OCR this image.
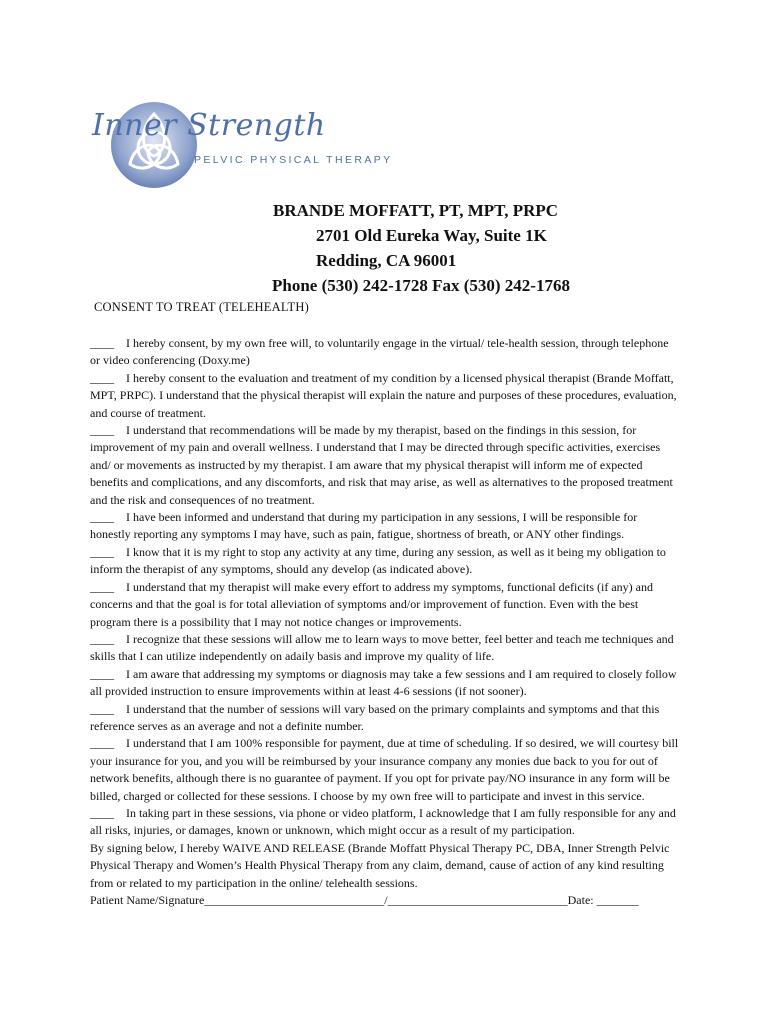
Inner Strength
PELVIC PHYSICAL THERAPY
BRANDE MOFFATT, PT, MPT, PRPC
2701 Old Eureka Way, Suite 1K
Redding, CA 96001
Phone (530) 242-1728 Fax (530) 242-1768
CONSENT TO TREAT (TELEHEALTH)

____ I hereby consent, by my own free will, to voluntarily engage in the virtual/ tele-health session, through telephone or video conferencing (Doxy.me)

____ I hereby consent to the evaluation and treatment of my condition by a licensed physical therapist (Brande Moffatt, MPT, PRPC). I understand that the physical therapist will explain the nature and purposes of these procedures, evaluation, and course of treatment.

____ I understand that recommendations will be made by my therapist, based on the findings in this session, for improvement of my pain and overall wellness. I understand that I may be directed through specific activities, exercises and/ or movements as instructed by my therapist. I am aware that my physical therapist will inform me of expected benefits and complications, and any discomforts, and risk that may arise, as well as alternatives to the proposed treatment and the risk and consequences of no treatment.

____ I have been informed and understand that during my participation in any sessions, I will be responsible for honestly reporting any symptoms I may have, such as pain, fatigue, shortness of breath, or ANY other findings.

____ I know that it is my right to stop any activity at any time, during any session, as well as it being my obligation to inform the therapist of any symptoms, should any develop (as indicated above).

____ I understand that my therapist will make every effort to address my symptoms, functional deficits (if any) and concerns and that the goal is for total alleviation of symptoms and/or improvement of function. Even with the best program there is a possibility that I may not notice changes or improvements.

____ I recognize that these sessions will allow me to learn ways to move better, feel better and teach me techniques and skills that I can utilize independently on adaily basis and improve my quality of life.

____ I am aware that addressing my symptoms or diagnosis may take a few sessions and I am required to closely follow all provided instruction to ensure improvements within at least 4-6 sessions (if not sooner).

____ I understand that the number of sessions will vary based on the primary complaints and symptoms and that this reference serves as an average and not a definite number.

____ I understand that I am 100% responsible for payment, due at time of scheduling. If so desired, we will courtesy bill your insurance for you, and you will be reimbursed by your insurance company any monies due back to you for out of network benefits, although there is no guarantee of payment. If you opt for private pay/NO insurance in any form will be billed, charged or collected for these sessions. I choose by my own free will to participate and invest in this service.

____ In taking part in these sessions, via phone or video platform, I acknowledge that I am fully responsible for any and all risks, injuries, or damages, known or unknown, which might occur as a result of my participation.

By signing below, I hereby WAIVE AND RELEASE (Brande Moffatt Physical Therapy PC, DBA, Inner Strength Pelvic Physical Therapy and Women’s Health Physical Therapy from any claim, demand, cause of action of any kind resulting from or related to my participation in the online/ telehealth sessions.

Patient Name/Signature______________________________/______________________________Date: _______
